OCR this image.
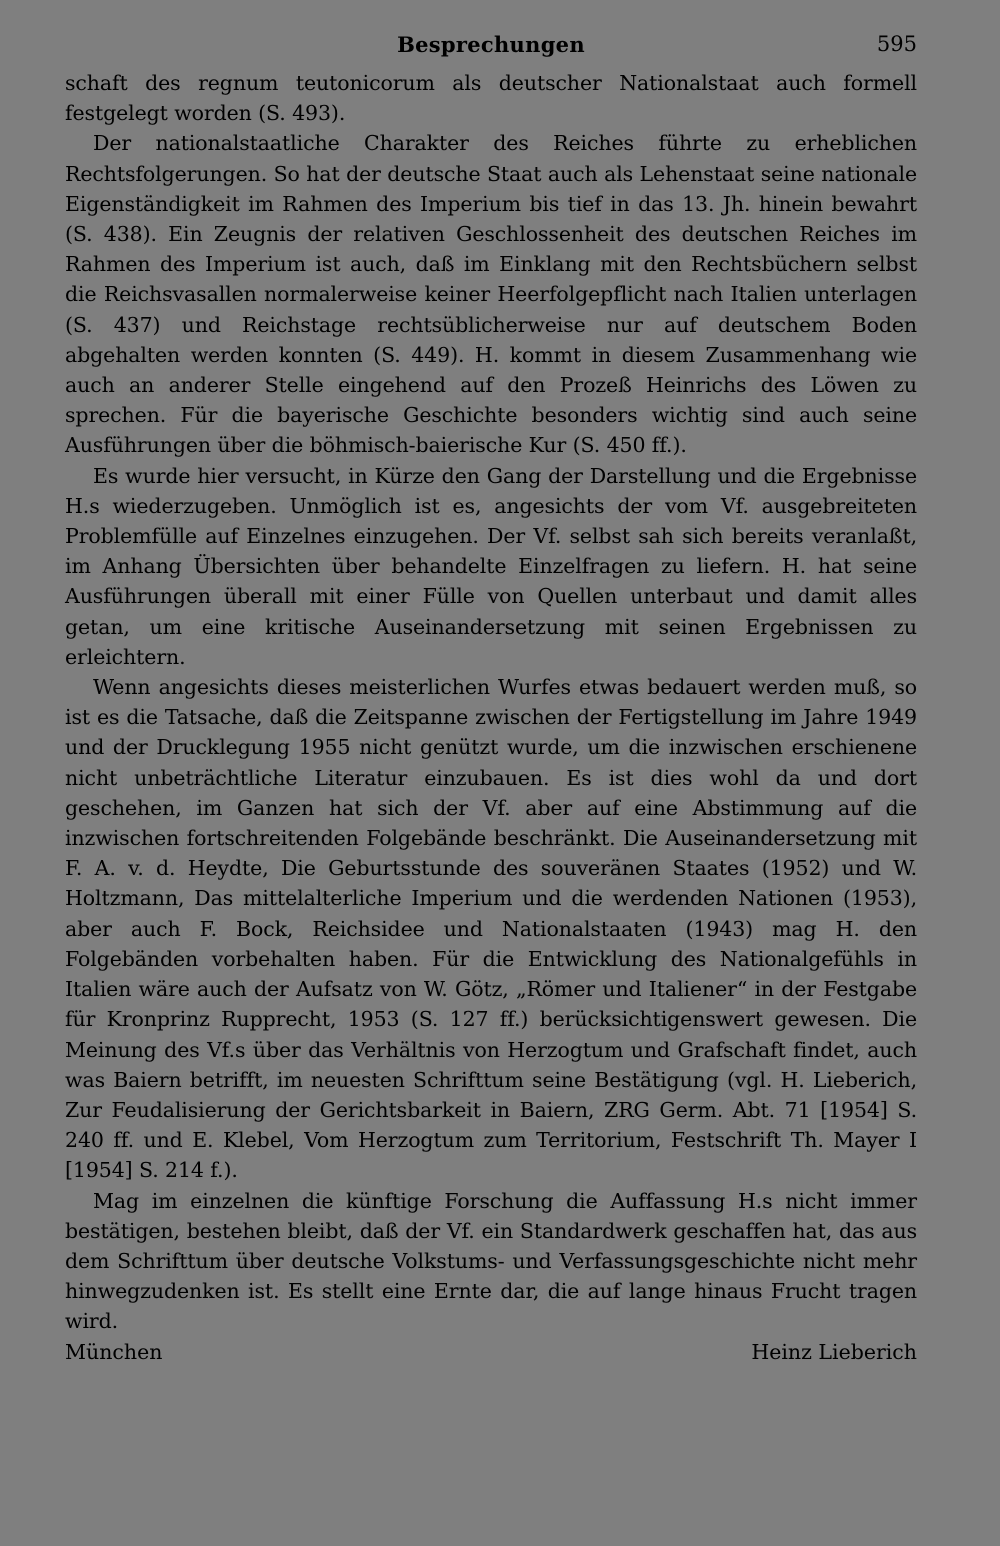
Besprechungen	595

schaft des regnum teutonicorum als deutscher Nationalstaat auch formell festgelegt worden (S. 493).

Der nationalstaatliche Charakter des Reiches führte zu erheblichen Rechtsfolgerungen. So hat der deutsche Staat auch als Lehenstaat seine nationale Eigenständigkeit im Rahmen des Imperium bis tief in das 13. Jh. hinein bewahrt (S. 438). Ein Zeugnis der relativen Geschlossenheit des deutschen Reiches im Rahmen des Imperium ist auch, daß im Einklang mit den Rechtsbüchern selbst die Reichsvasallen normalerweise keiner Heerfolgepflicht nach Italien unterlagen (S. 437) und Reichstage rechtsüblicherweise nur auf deutschem Boden abgehalten werden konnten (S. 449). H. kommt in diesem Zusammenhang wie auch an anderer Stelle eingehend auf den Prozeß Heinrichs des Löwen zu sprechen. Für die bayerische Geschichte besonders wichtig sind auch seine Ausführungen über die böhmisch-baierische Kur (S. 450 ff.).

Es wurde hier versucht, in Kürze den Gang der Darstellung und die Ergebnisse H.s wiederzugeben. Unmöglich ist es, angesichts der vom Vf. ausgebreiteten Problemfülle auf Einzelnes einzugehen. Der Vf. selbst sah sich bereits veranlaßt, im Anhang Übersichten über behandelte Einzelfragen zu liefern. H. hat seine Ausführungen überall mit einer Fülle von Quellen unterbaut und damit alles getan, um eine kritische Auseinandersetzung mit seinen Ergebnissen zu erleichtern.

Wenn angesichts dieses meisterlichen Wurfes etwas bedauert werden muß, so ist es die Tatsache, daß die Zeitspanne zwischen der Fertigstellung im Jahre 1949 und der Drucklegung 1955 nicht genützt wurde, um die inzwischen erschienene nicht unbeträchtliche Literatur einzubauen. Es ist dies wohl da und dort geschehen, im Ganzen hat sich der Vf. aber auf eine Abstimmung auf die inzwischen fortschreitenden Folgebände beschränkt. Die Auseinandersetzung mit F. A. v. d. Heydte, Die Geburtsstunde des souveränen Staates (1952) und W. Holtzmann, Das mittelalterliche Imperium und die werdenden Nationen (1953), aber auch F. Bock, Reichsidee und Nationalstaaten (1943) mag H. den Folgebänden vorbehalten haben. Für die Entwicklung des Nationalgefühls in Italien wäre auch der Aufsatz von W. Götz, „Römer und Italiener“ in der Festgabe für Kronprinz Rupprecht, 1953 (S. 127 ff.) berücksichtigenswert gewesen. Die Meinung des Vf.s über das Verhältnis von Herzogtum und Grafschaft findet, auch was Baiern betrifft, im neuesten Schrifttum seine Bestätigung (vgl. H. Lieberich, Zur Feudalisierung der Gerichtsbarkeit in Baiern, ZRG Germ. Abt. 71 [1954] S. 240 ff. und E. Klebel, Vom Herzogtum zum Territorium, Festschrift Th. Mayer I [1954] S. 214 f.).

Mag im einzelnen die künftige Forschung die Auffassung H.s nicht immer bestätigen, bestehen bleibt, daß der Vf. ein Standardwerk geschaffen hat, das aus dem Schrifttum über deutsche Volkstums- und Verfassungsgeschichte nicht mehr hinwegzudenken ist. Es stellt eine Ernte dar, die auf lange hinaus Frucht tragen wird.

München	Heinz Lieberich
